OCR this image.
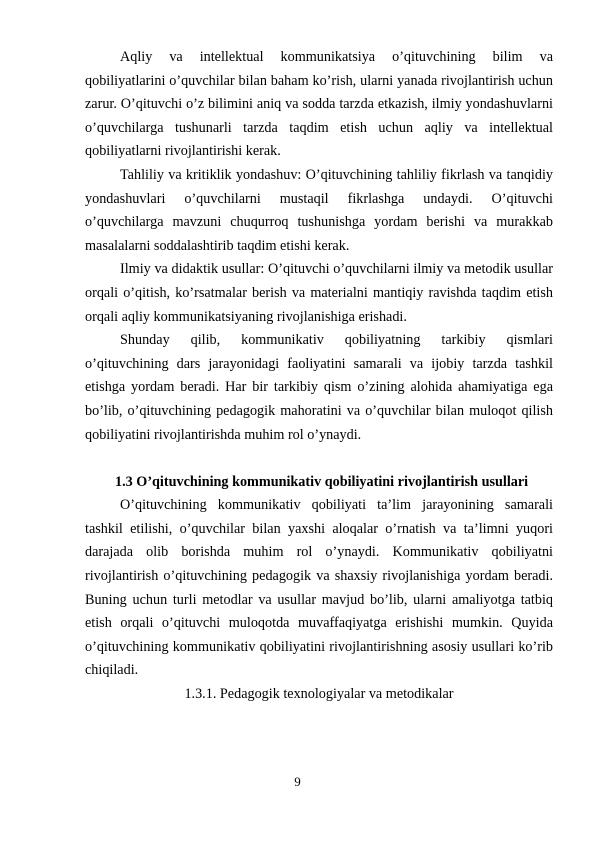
Aqliy va intellektual kommunikatsiya o’qituvchining bilim va qobiliyatlarini o’quvchilar bilan baham ko’rish, ularni yanada rivojlantirish uchun zarur. O’qituvchi o’z bilimini aniq va sodda tarzda etkazish, ilmiy yondashuvlarni o’quvchilarga tushunarli tarzda taqdim etish uchun aqliy va intellektual qobiliyatlarni rivojlantirishi kerak.

Tahliliy va kritiklik yondashuv: O’qituvchining tahliliy fikrlash va tanqidiy yondashuvlari o’quvchilarni mustaqil fikrlashga undaydi. O’qituvchi o’quvchilarga mavzuni chuqurroq tushunishga yordam berishi va murakkab masalalarni soddalashtirib taqdim etishi kerak.

Ilmiy va didaktik usullar: O’qituvchi o’quvchilarni ilmiy va metodik usullar orqali o’qitish, ko’rsatmalar berish va materialni mantiqiy ravishda taqdim etish orqali aqliy kommunikatsiyaning rivojlanishiga erishadi.

Shunday qilib, kommunikativ qobiliyatning tarkibiy qismlari o’qituvchining dars jarayonidagi faoliyatini samarali va ijobiy tarzda tashkil etishga yordam beradi. Har bir tarkibiy qism o’zining alohida ahamiyatiga ega bo’lib, o’qituvchining pedagogik mahoratini va o’quvchilar bilan muloqot qilish qobiliyatini rivojlantirishda muhim rol o’ynaydi.

1.3 O’qituvchining kommunikativ qobiliyatini rivojlantirish usullari

O’qituvchining kommunikativ qobiliyati ta’lim jarayonining samarali tashkil etilishi, o’quvchilar bilan yaxshi aloqalar o’rnatish va ta’limni yuqori darajada olib borishda muhim rol o’ynaydi. Kommunikativ qobiliyatni rivojlantirish o’qituvchining pedagogik va shaxsiy rivojlanishiga yordam beradi. Buning uchun turli metodlar va usullar mavjud bo’lib, ularni amaliyotga tatbiq etish orqali o’qituvchi muloqotda muvaffaqiyatga erishishi mumkin. Quyida o’qituvchining kommunikativ qobiliyatini rivojlantirishning asosiy usullari ko’rib chiqiladi.

1.3.1. Pedagogik texnologiyalar va metodikalar

9
